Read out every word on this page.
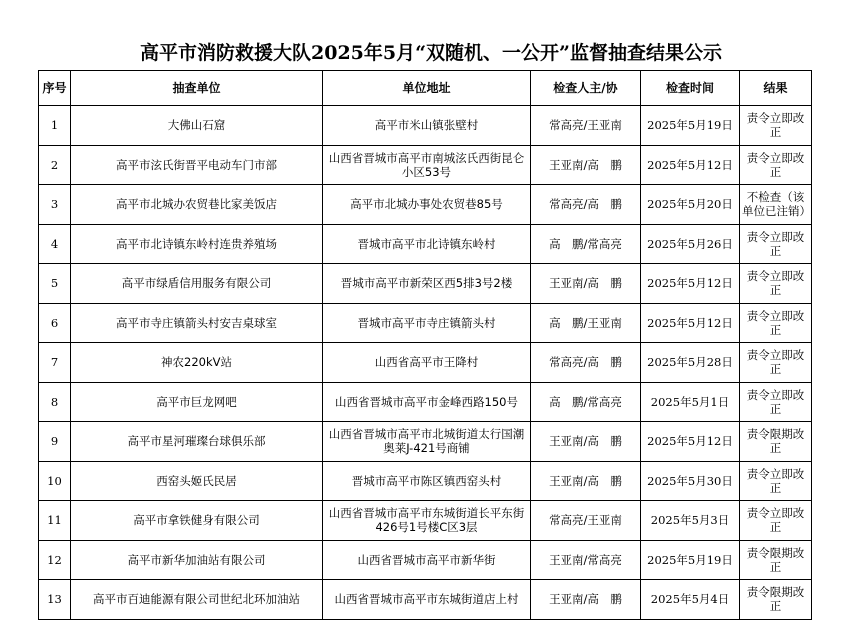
高平市消防救援大队2025年5月“双随机、一公开”监督抽查结果公示
序号	抽查单位	单位地址	检查人主/协	检查时间	结果
1	大佛山石窟	高平市米山镇张壁村	常高亮/王亚南	2025年5月19日	责令立即改正
2	高平市泫氏街晋平电动车门市部	山西省晋城市高平市南城泫氏西街昆仑小区53号	王亚南/高　鹏	2025年5月12日	责令立即改正
3	高平市北城办农贸巷比家美饭店	高平市北城办事处农贸巷85号	常高亮/高　鹏	2025年5月20日	不检查（该单位已注销）
4	高平市北诗镇东岭村连贵养殖场	晋城市高平市北诗镇东岭村	高　鹏/常高亮	2025年5月26日	责令立即改正
5	高平市绿盾信用服务有限公司	晋城市高平市新荣区西5排3号2楼	王亚南/高　鹏	2025年5月12日	责令立即改正
6	高平市寺庄镇箭头村安吉桌球室	晋城市高平市寺庄镇箭头村	高　鹏/王亚南	2025年5月12日	责令立即改正
7	神农220kV站	山西省高平市王降村	常高亮/高　鹏	2025年5月28日	责令立即改正
8	高平市巨龙网吧	山西省晋城市高平市金峰西路150号	高　鹏/常高亮	2025年5月1日	责令立即改正
9	高平市星河璀璨台球俱乐部	山西省晋城市高平市北城街道太行国潮奥莱J-421号商铺	王亚南/高　鹏	2025年5月12日	责令限期改正
10	西窑头姬氏民居	晋城市高平市陈区镇西窑头村	王亚南/高　鹏	2025年5月30日	责令立即改正
11	高平市拿铁健身有限公司	山西省晋城市高平市东城街道长平东街426号1号楼C区3层	常高亮/王亚南	2025年5月3日	责令立即改正
12	高平市新华加油站有限公司	山西省晋城市高平市新华街	王亚南/常高亮	2025年5月19日	责令限期改正
13	高平市百迪能源有限公司世纪北环加油站	山西省晋城市高平市东城街道店上村	王亚南/高　鹏	2025年5月4日	责令限期改正
